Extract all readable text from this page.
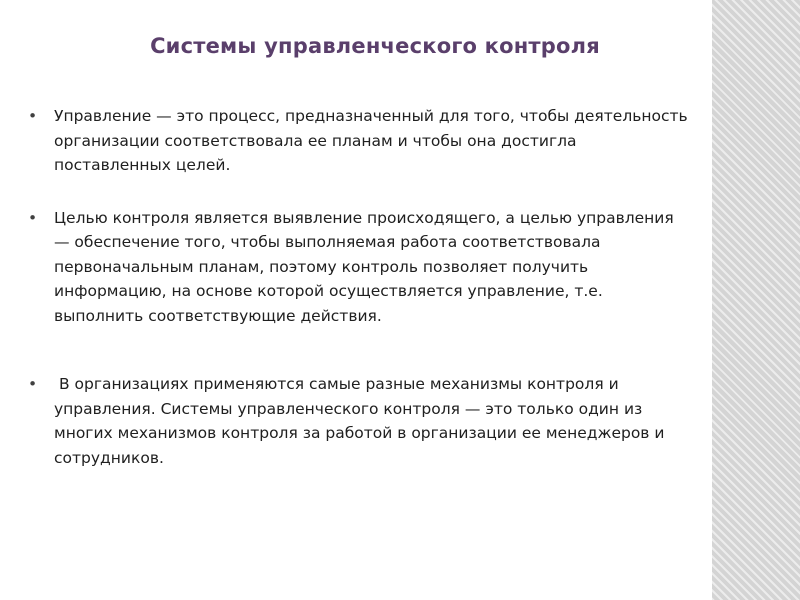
Системы управленческого контроля
•	Управление — это процесс, предназначенный для того, чтобы деятельность организации соответствовала ее планам и чтобы она достигла поставленных целей.
•	Целью контроля является выявление происходящего, а целью управления — обеспечение того, чтобы выполняемая работа соответствовала первоначальным планам, поэтому контроль позволяет получить информацию, на основе которой осуществляется управление, т.е. выполнить соответствующие действия.
•	В организациях применяются самые разные механизмы контроля и управления. Системы управленческого контроля — это только один из многих механизмов контроля за работой в организации ее менеджеров и сотрудников.
